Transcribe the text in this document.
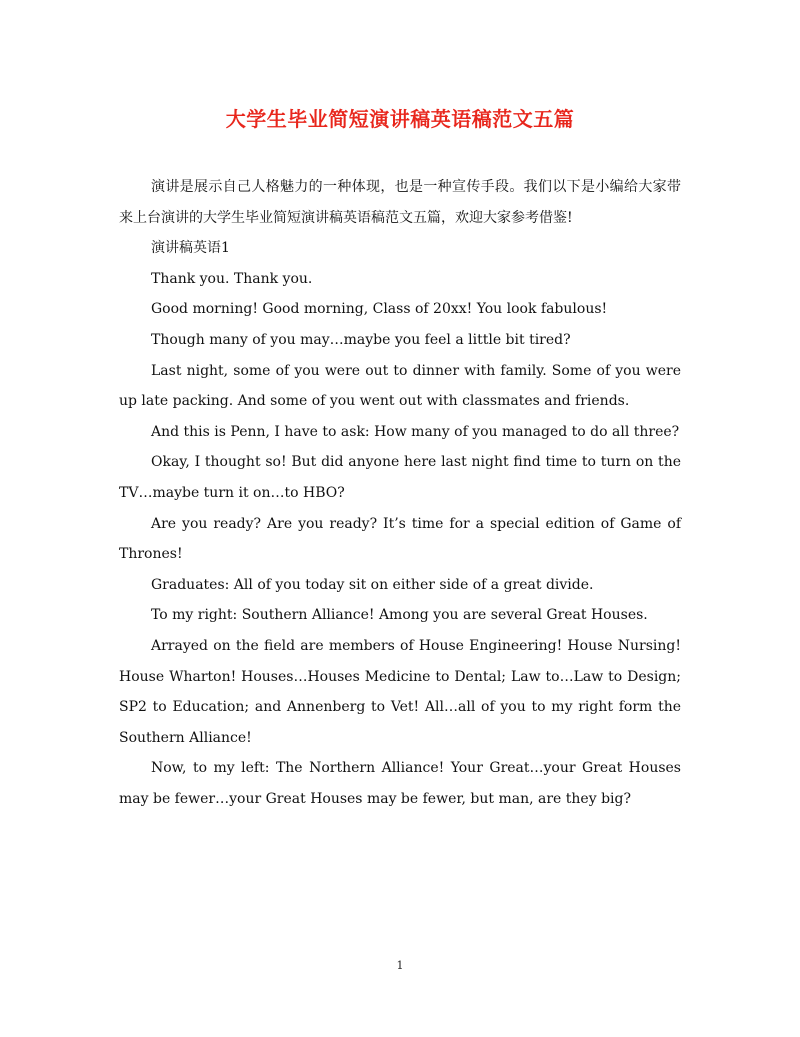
大学生毕业简短演讲稿英语稿范文五篇

演讲是展示自己人格魅力的一种体现，也是一种宣传手段。我们以下是小编给大家带来上台演讲的大学生毕业简短演讲稿英语稿范文五篇，欢迎大家参考借鉴!

演讲稿英语1

Thank you. Thank you.

Good morning! Good morning, Class of 20xx! You look fabulous!

Though many of you may…maybe you feel a little bit tired?

Last night, some of you were out to dinner with family. Some of you were up late packing. And some of you went out with classmates and friends.

And this is Penn, I have to ask: How many of you managed to do all three?

Okay, I thought so! But did anyone here last night find time to turn on the TV…maybe turn it on…to HBO?

Are you ready? Are you ready? It’s time for a special edition of Game of Thrones!

Graduates: All of you today sit on either side of a great divide.

To my right: Southern Alliance! Among you are several Great Houses.

Arrayed on the field are members of House Engineering! House Nursing! House Wharton! Houses…Houses Medicine to Dental; Law to…Law to Design; SP2 to Education; and Annenberg to Vet! All…all of you to my right form the Southern Alliance!

Now, to my left: The Northern Alliance! Your Great…your Great Houses may be fewer…your Great Houses may be fewer, but man, are they big?

1
